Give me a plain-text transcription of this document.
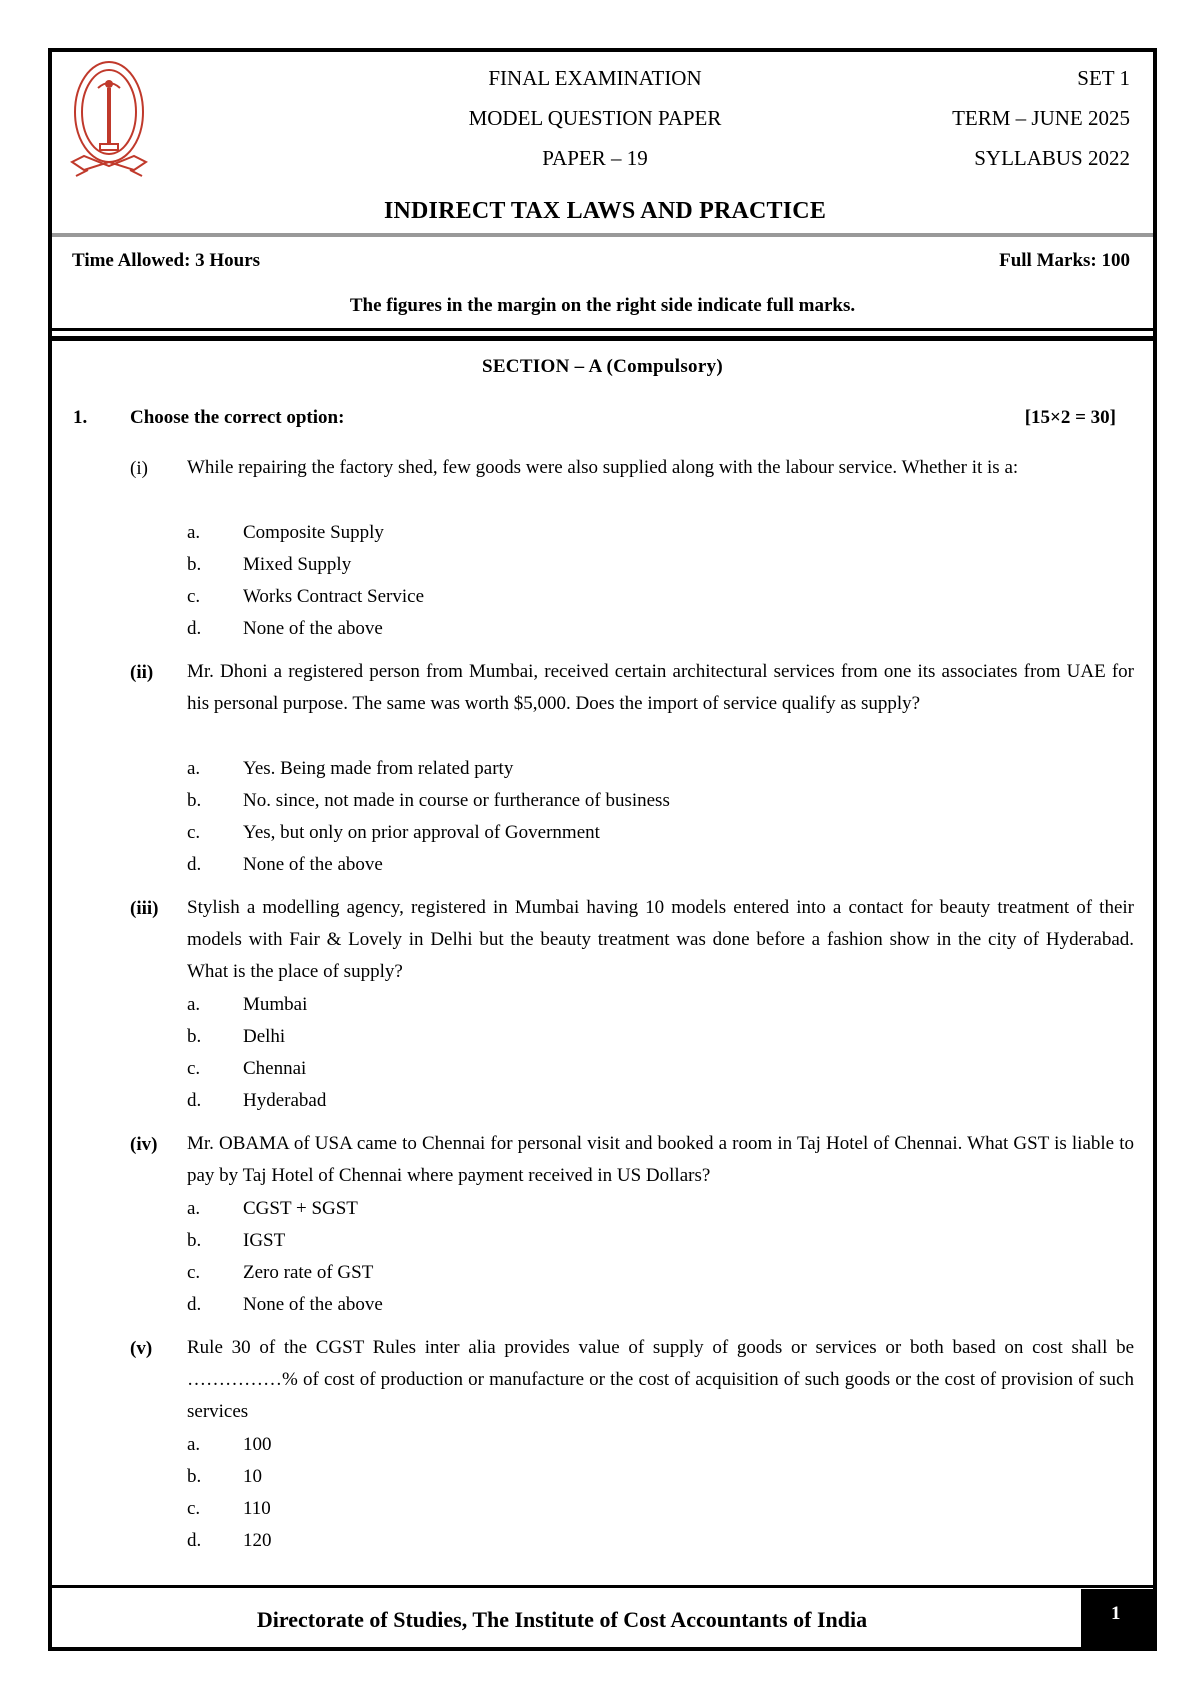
FINAL EXAMINATION
MODEL QUESTION PAPER
PAPER – 19
SET 1
TERM – JUNE 2025
SYLLABUS 2022
INDIRECT TAX LAWS AND PRACTICE
Time Allowed: 3 Hours	Full Marks: 100
The figures in the margin on the right side indicate full marks.
SECTION – A (Compulsory)
1. Choose the correct option:	[15×2 = 30]
(i) While repairing the factory shed, few goods were also supplied along with the labour service. Whether it is a:
a. Composite Supply
b. Mixed Supply
c. Works Contract Service
d. None of the above
(ii) Mr. Dhoni a registered person from Mumbai, received certain architectural services from one its associates from UAE for his personal purpose. The same was worth $5,000. Does the import of service qualify as supply?
a. Yes. Being made from related party
b. No. since, not made in course or furtherance of business
c. Yes, but only on prior approval of Government
d. None of the above
(iii) Stylish a modelling agency, registered in Mumbai having 10 models entered into a contact for beauty treatment of their models with Fair & Lovely in Delhi but the beauty treatment was done before a fashion show in the city of Hyderabad. What is the place of supply?
a. Mumbai
b. Delhi
c. Chennai
d. Hyderabad
(iv) Mr. OBAMA of USA came to Chennai for personal visit and booked a room in Taj Hotel of Chennai. What GST is liable to pay by Taj Hotel of Chennai where payment received in US Dollars?
a. CGST + SGST
b. IGST
c. Zero rate of GST
d. None of the above
(v) Rule 30 of the CGST Rules inter alia provides value of supply of goods or services or both based on cost shall be ……………% of cost of production or manufacture or the cost of acquisition of such goods or the cost of provision of such services
a. 100
b. 10
c. 110
d. 120
Directorate of Studies, The Institute of Cost Accountants of India	1
